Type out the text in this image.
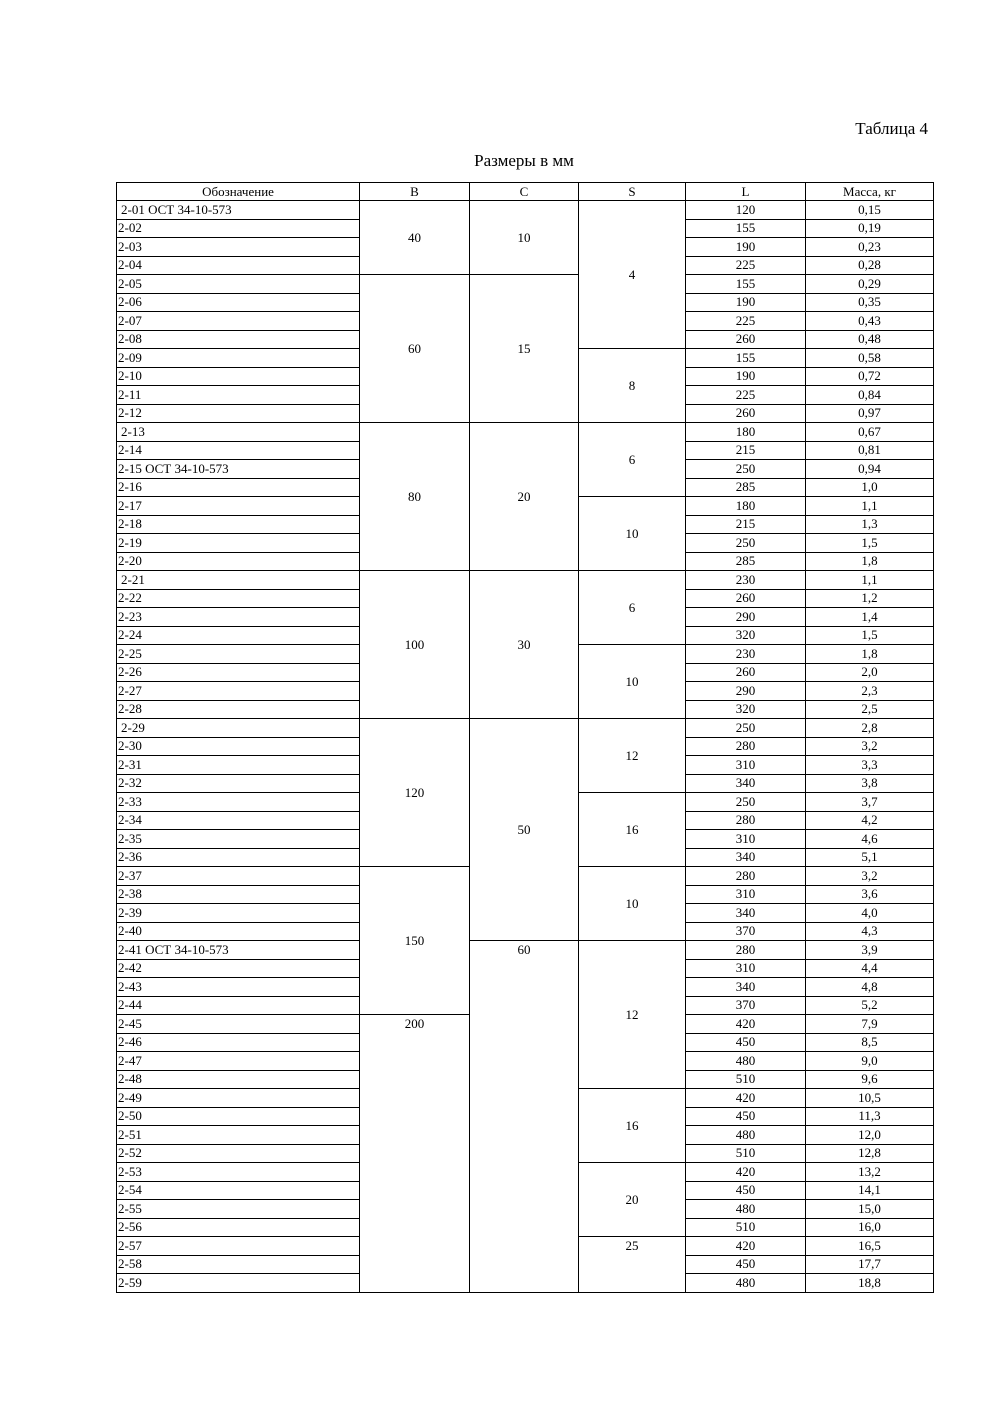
Таблица 4
Размеры в мм
Обозначение	B	C	S	L	Масса, кг
2-01 ОСТ 34-10-573	40	10	4	120	0,15
2-02				155	0,19
2-03				190	0,23
2-04				225	0,28
2-05	60	15		155	0,29
2-06				190	0,35
2-07				225	0,43
2-08				260	0,48
2-09			8	155	0,58
2-10				190	0,72
2-11				225	0,84
2-12				260	0,97
2-13	80	20	6	180	0,67
2-14				215	0,81
2-15 ОСТ 34-10-573				250	0,94
2-16				285	1,0
2-17			10	180	1,1
2-18				215	1,3
2-19				250	1,5
2-20				285	1,8
2-21	100	30	6	230	1,1
2-22				260	1,2
2-23				290	1,4
2-24				320	1,5
2-25			10	230	1,8
2-26				260	2,0
2-27				290	2,3
2-28				320	2,5
2-29	120	50	12	250	2,8
2-30				280	3,2
2-31				310	3,3
2-32				340	3,8
2-33			16	250	3,7
2-34				280	4,2
2-35				310	4,6
2-36				340	5,1
2-37	150		10	280	3,2
2-38				310	3,6
2-39				340	4,0
2-40				370	4,3
2-41 ОСТ 34-10-573		60	12	280	3,9
2-42				310	4,4
2-43				340	4,8
2-44				370	5,2
2-45	200			420	7,9
2-46				450	8,5
2-47				480	9,0
2-48				510	9,6
2-49			16	420	10,5
2-50				450	11,3
2-51				480	12,0
2-52				510	12,8
2-53			20	420	13,2
2-54				450	14,1
2-55				480	15,0
2-56				510	16,0
2-57			25	420	16,5
2-58				450	17,7
2-59				480	18,8
